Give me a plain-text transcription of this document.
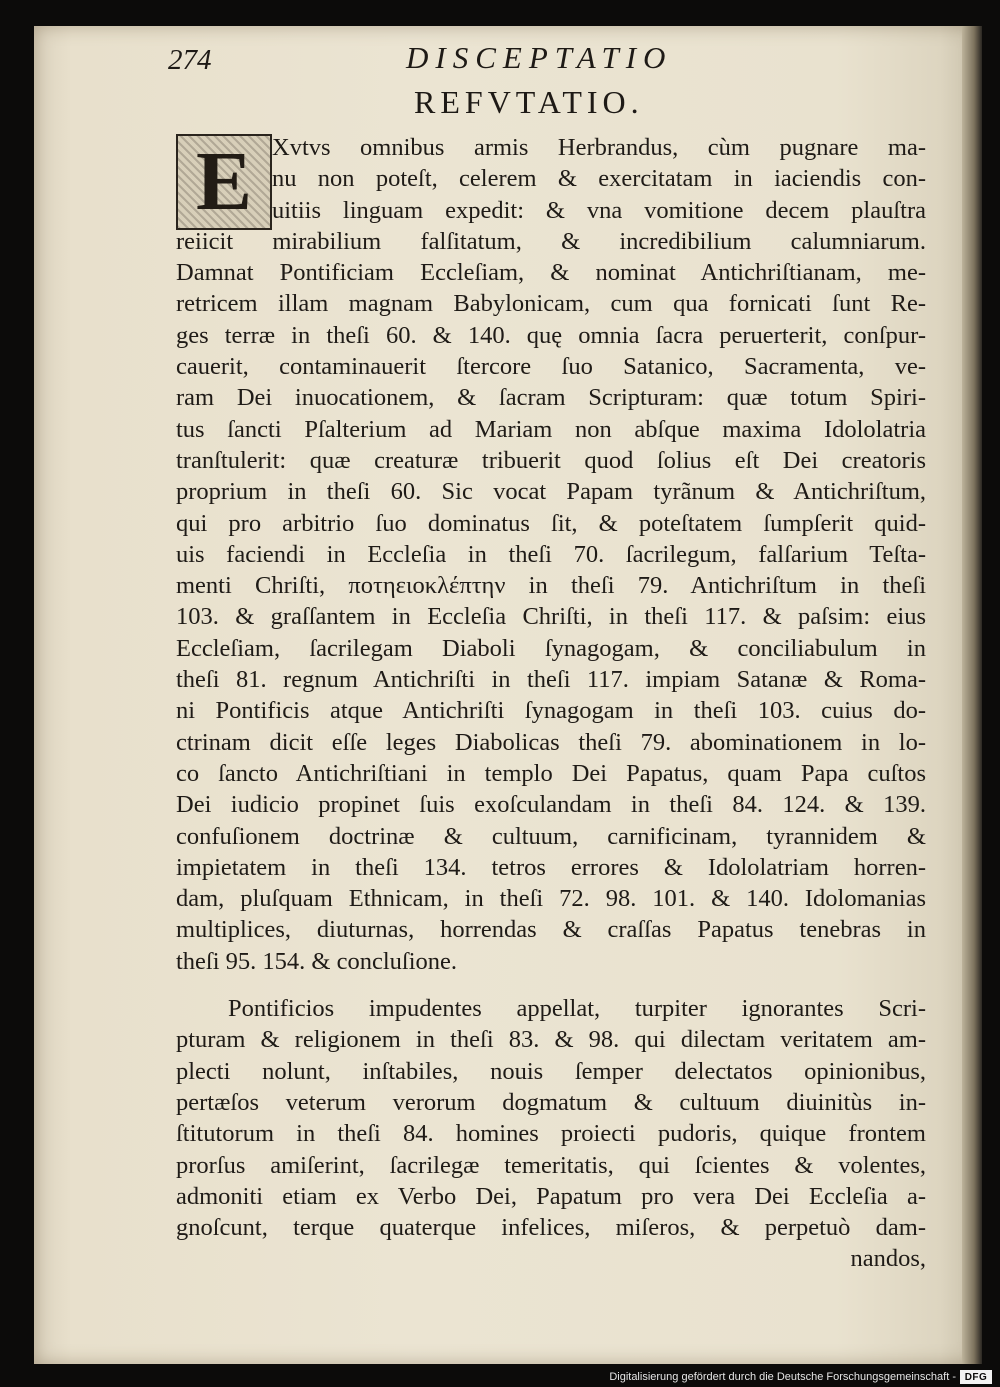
274	DISCEPTATIO
REFVTATIO.
E Xvtvs omnibus armis Herbrandus, cùm pugnare ma-
nu non poteſt, celerem & exercitatam in iaciendis con-
uitiis linguam expedit: & vna vomitione decem plauſtra
reiicit mirabilium falſitatum, & incredibilium calumniarum.
Damnat Pontificiam Eccleſiam, & nominat Antichriſtianam, me-
retricem illam magnam Babylonicam, cum qua fornicati ſunt Re-
ges terræ in theſi 60. & 140. quę omnia ſacra peruerterit, conſpur-
cauerit, contaminauerit ſtercore ſuo Satanico, Sacramenta, ve-
ram Dei inuocationem, & ſacram Scripturam: quæ totum Spiri-
tus ſancti Pſalterium ad Mariam non abſque maxima Idololatria
tranſtulerit: quæ creaturæ tribuerit quod ſolius eſt Dei creatoris
proprium in theſi 60. Sic vocat Papam tyrãnum & Antichriſtum,
qui pro arbitrio ſuo dominatus ſit, & poteſtatem ſumpſerit quid-
uis faciendi in Eccleſia in theſi 70. ſacrilegum, falſarium Teſta-
menti Chriſti, ποτηειοκλέπτην in theſi 79. Antichriſtum in theſi
103. & graſſantem in Eccleſia Chriſti, in theſi 117. & paſsim: eius
Eccleſiam, ſacrilegam Diaboli ſynagogam, & conciliabulum in
theſi 81. regnum Antichriſti in theſi 117. impiam Satanæ & Roma-
ni Pontificis atque Antichriſti ſynagogam in theſi 103. cuius do-
ctrinam dicit eſſe leges Diabolicas theſi 79. abominationem in lo-
co ſancto Antichriſtiani in templo Dei Papatus, quam Papa cuſtos
Dei iudicio propinet ſuis exoſculandam in theſi 84. 124. & 139.
confuſionem doctrinæ & cultuum, carnificinam, tyrannidem &
impietatem in theſi 134. tetros errores & Idololatriam horren-
dam, pluſquam Ethnicam, in theſi 72. 98. 101. & 140. Idolomanias
multiplices, diuturnas, horrendas & craſſas Papatus tenebras in
theſi 95. 154. & concluſione.
Pontificios impudentes appellat, turpiter ignorantes Scri-
pturam & religionem in theſi 83. & 98. qui dilectam veritatem am-
plecti nolunt, inſtabiles, nouis ſemper delectatos opinionibus,
pertæſos veterum verorum dogmatum & cultuum diuinitùs in-
ſtitutorum in theſi 84. homines proiecti pudoris, quique frontem
prorſus amiſerint, ſacrilegæ temeritatis, qui ſcientes & volentes,
admoniti etiam ex Verbo Dei, Papatum pro vera Dei Eccleſia a-
gnoſcunt, terque quaterque infelices, miſeros, & perpetuò dam-
nandos,
Digitalisierung gefördert durch die Deutsche Forschungsgemeinschaft - DFG
